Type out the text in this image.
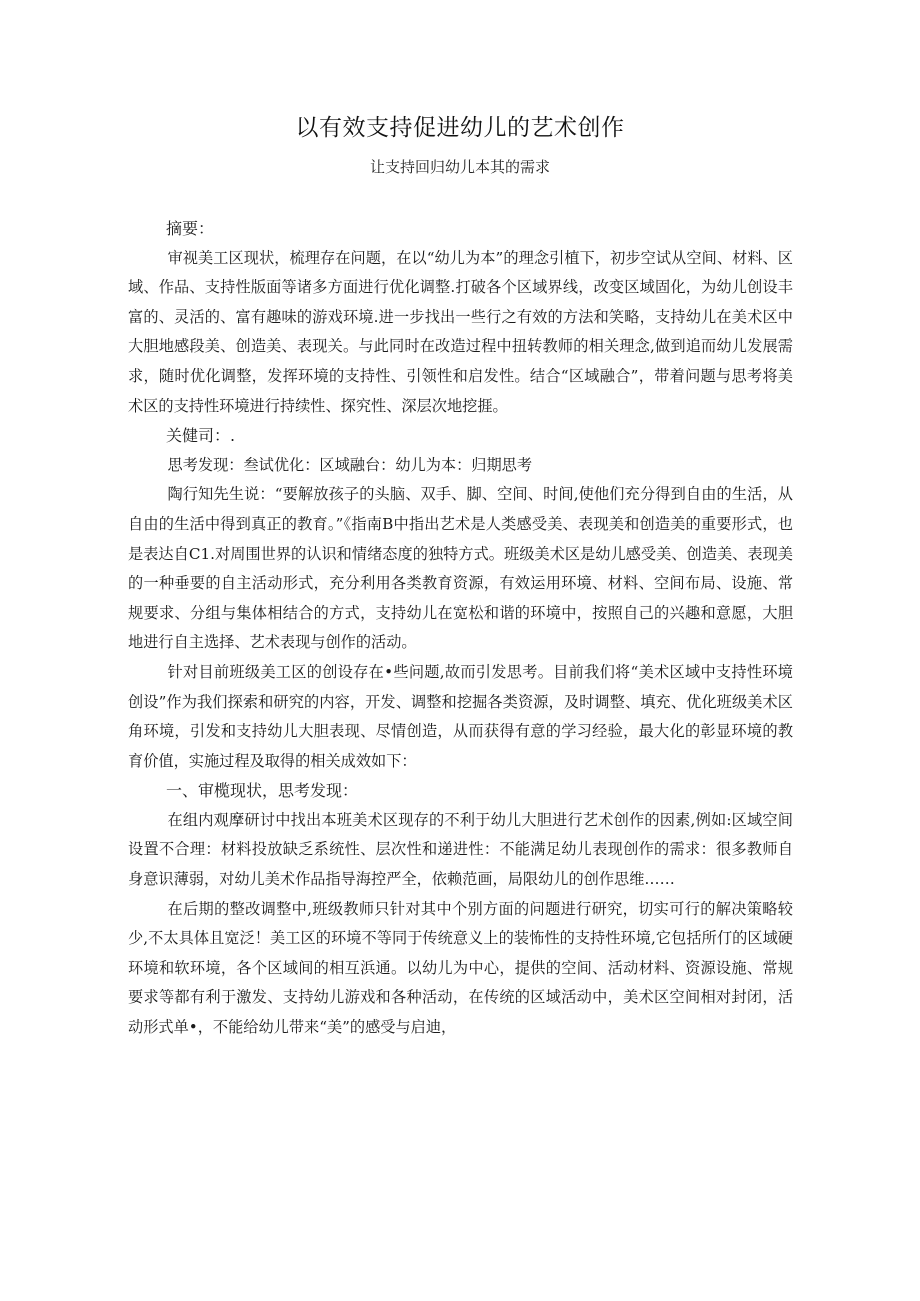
以有效支持促进幼儿的艺术创作
让支持回归幼儿本其的需求

摘要：

审视美工区现状，梳理存在问题，在以“幼儿为本”的理念引植下，初步空试从空间、材料、区域、作品、支持性版面等诸多方面进行优化调整.打破各个区域界线，改变区域固化，为幼儿创设丰富的、灵活的、富有趣味的游戏环境.进一步找出一些行之有效的方法和笑略，支持幼儿在美术区中大胆地感段美、创造美、表现关。与此同时在改造过程中扭转教师的相关理念,做到追而幼儿发展需求，随时优化调整，发挥环境的支持性、引领性和启发性。结合“区域融合”，带着问题与思考将美术区的支持性环境进行持续性、探究性、深层次地挖捱。

关健司：.

思考发现：叁试优化：区域融台：幼儿为本：归期思考

陶行知先生说：“要解放孩子的头脑、双手、脚、空间、时间,使他们充分得到自由的生活，从自由的生活中得到真正的教育。”《指南B中指出艺术是人类感受美、表现美和创造美的重要形式，也是表达自C1.对周围世界的认识和情绪态度的独特方式。班级美术区是幼儿感受美、创造美、表现美的一种垂要的自主活动形式，充分利用各类教育资源，有效运用环境、材料、空间布局、设施、常规要求、分组与集体相结合的方式，支持幼儿在宽松和谐的环境中，按照自己的兴趣和意愿，大胆地进行自主选择、艺术表现与创作的活动。

针对目前班级美工区的创设存在•些问题,故而引发思考。目前我们将“美术区域中支持性环境创设”作为我们探索和研究的内容，开发、调整和挖掘各类资源，及时调整、填充、优化班级美术区角环境，引发和支持幼儿大胆表现、尽情创造，从而获得有意的学习经验，最大化的彰显环境的教育价值，实施过程及取得的相关成效如下：

一、审榄现状，思考发现：

在组内观摩研讨中找出本班美术区现存的不利于幼儿大胆进行艺术创作的因素,例如:区域空间设置不合理：材料投放缺乏系统性、层次性和递进性：不能满足幼儿表现创作的需求：很多教师自身意识薄弱，对幼儿美术作品指导海控严全，依赖范画，局限幼儿的创作思维……

在后期的整改调整中,班级教师只针对其中个别方面的问题进行研究，切实可行的解决策略较少,不太具体且宽泛！美工区的环境不等同于传统意义上的装怖性的支持性环境,它包括所仃的区域硬环境和软环境，各个区域间的相互浜通。以幼儿为中心，提供的空间、活动材料、资源设施、常规要求等都有利于激发、支持幼儿游戏和各种活动，在传统的区域活动中，美术区空间相对封闭，活动形式单•，不能给幼儿带来“美”的感受与启迪，
